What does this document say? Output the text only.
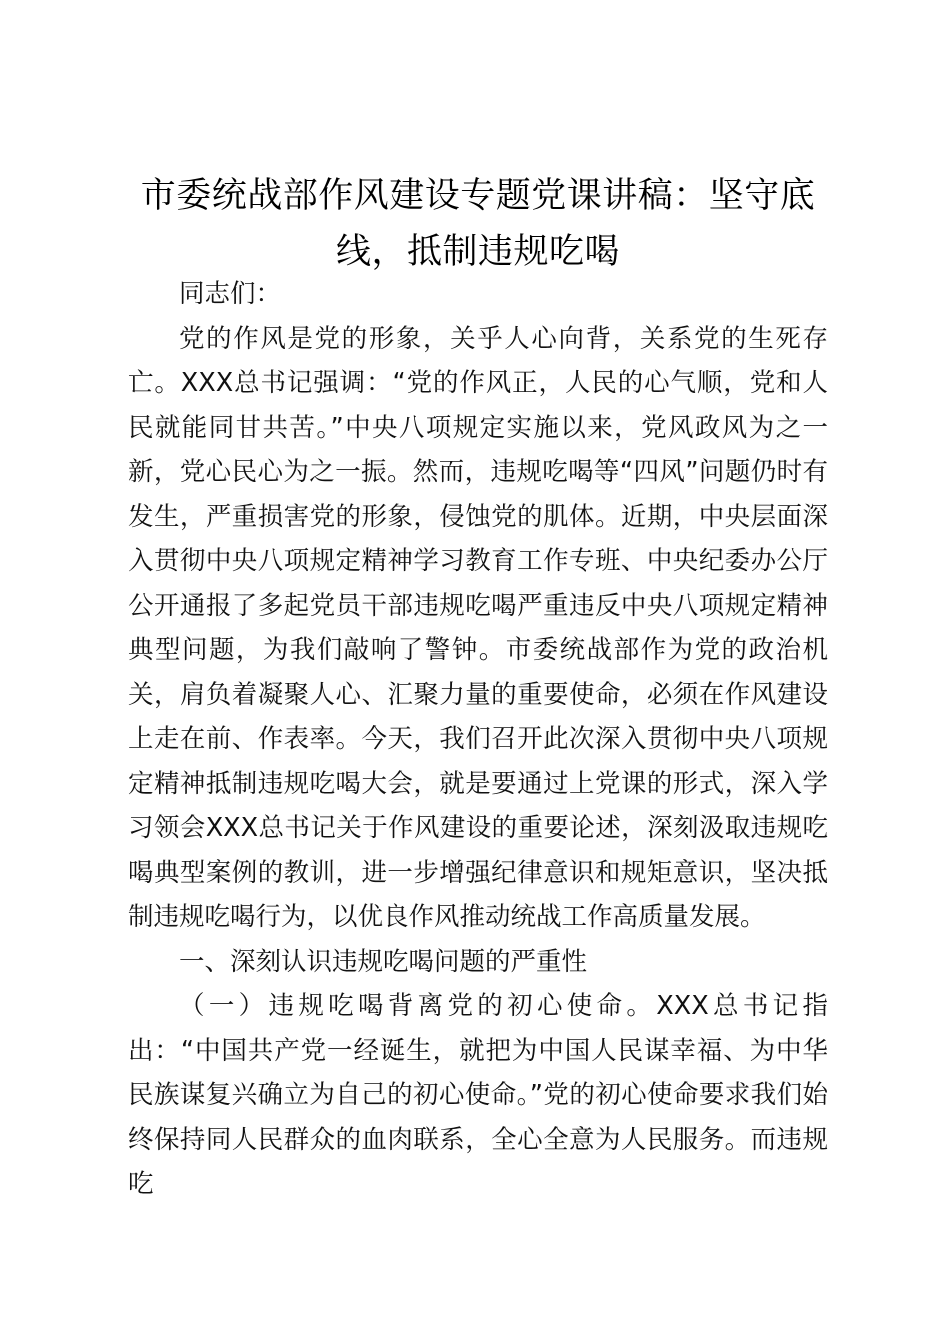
市委统战部作风建设专题党课讲稿：坚守底线，抵制违规吃喝

同志们：

党的作风是党的形象，关乎人心向背，关系党的生死存亡。XXX总书记强调：“党的作风正，人民的心气顺，党和人民就能同甘共苦。”中央八项规定实施以来，党风政风为之一新，党心民心为之一振。然而，违规吃喝等“四风”问题仍时有发生，严重损害党的形象，侵蚀党的肌体。近期，中央层面深入贯彻中央八项规定精神学习教育工作专班、中央纪委办公厅公开通报了多起党员干部违规吃喝严重违反中央八项规定精神典型问题，为我们敲响了警钟。市委统战部作为党的政治机关，肩负着凝聚人心、汇聚力量的重要使命，必须在作风建设上走在前、作表率。今天，我们召开此次深入贯彻中央八项规定精神抵制违规吃喝大会，就是要通过上党课的形式，深入学习领会XXX总书记关于作风建设的重要论述，深刻汲取违规吃喝典型案例的教训，进一步增强纪律意识和规矩意识，坚决抵制违规吃喝行为，以优良作风推动统战工作高质量发展。

一、深刻认识违规吃喝问题的严重性

（一）违规吃喝背离党的初心使命。XXX总书记指出：“中国共产党一经诞生，就把为中国人民谋幸福、为中华民族谋复兴确立为自己的初心使命。”党的初心使命要求我们始终保持同人民群众的血肉联系，全心全意为人民服务。而违规吃
